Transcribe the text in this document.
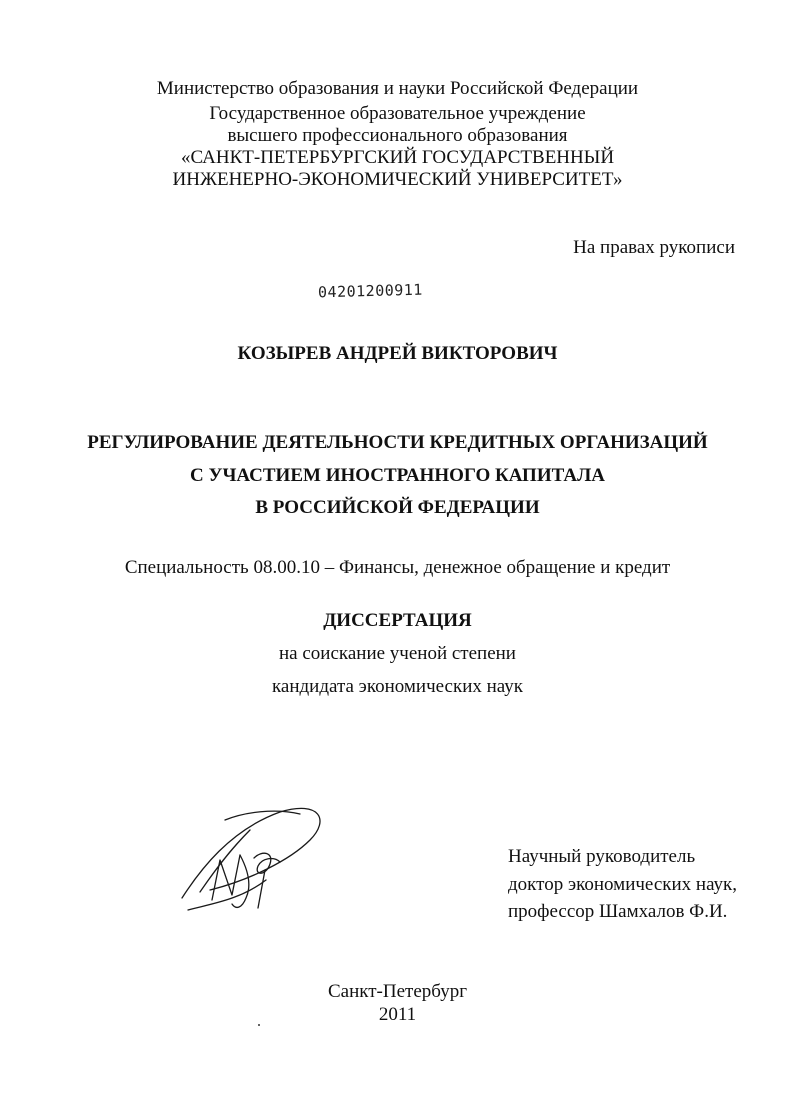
Министерство образования и науки Российской Федерации
Государственное образовательное учреждение
высшего профессионального образования
«САНКТ-ПЕТЕРБУРГСКИЙ ГОСУДАРСТВЕННЫЙ
ИНЖЕНЕРНО-ЭКОНОМИЧЕСКИЙ УНИВЕРСИТЕТ»
На правах рукописи
04201200911
КОЗЫРЕВ АНДРЕЙ ВИКТОРОВИЧ
РЕГУЛИРОВАНИЕ ДЕЯТЕЛЬНОСТИ КРЕДИТНЫХ ОРГАНИЗАЦИЙ
С УЧАСТИЕМ ИНОСТРАННОГО КАПИТАЛА
В РОССИЙСКОЙ ФЕДЕРАЦИИ
Специальность 08.00.10 – Финансы, денежное обращение и кредит
ДИССЕРТАЦИЯ
на соискание ученой степени
кандидата экономических наук
Научный руководитель
доктор экономических наук,
профессор Шамхалов Ф.И.
Санкт-Петербург
2011
